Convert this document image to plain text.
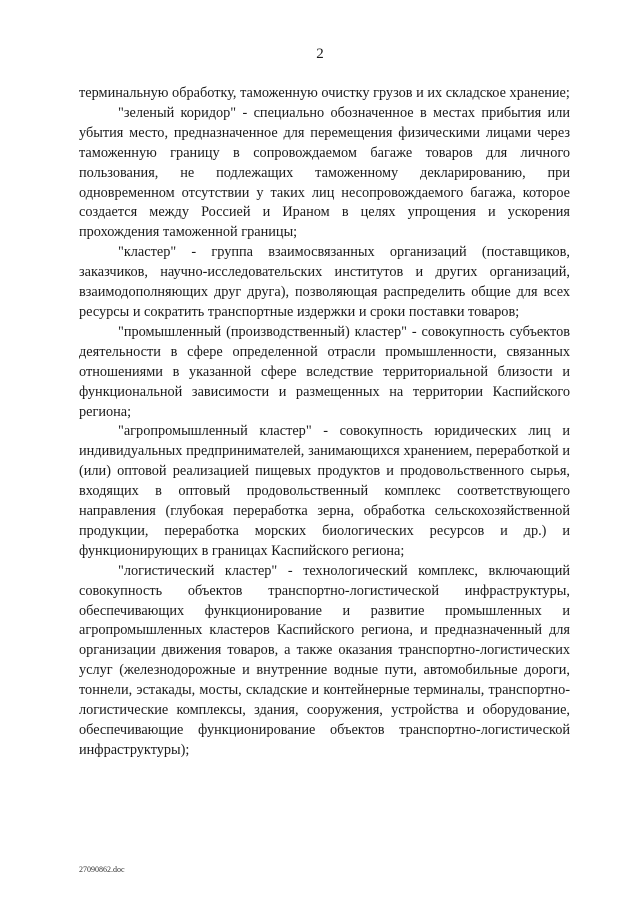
2

терминальную обработку, таможенную очистку грузов и их складское хранение;

"зеленый коридор" - специально обозначенное в местах прибытия или убытия место, предназначенное для перемещения физическими лицами через таможенную границу в сопровождаемом багаже товаров для личного пользования, не подлежащих таможенному декларированию, при одновременном отсутствии у таких лиц несопровождаемого багажа, которое создается между Россией и Ираном в целях упрощения и ускорения прохождения таможенной границы;

"кластер" - группа взаимосвязанных организаций (поставщиков, заказчиков, научно-исследовательских институтов и других организаций, взаимодополняющих друг друга), позволяющая распределить общие для всех ресурсы и сократить транспортные издержки и сроки поставки товаров;

"промышленный (производственный) кластер" - совокупность субъектов деятельности в сфере определенной отрасли промышленности, связанных отношениями в указанной сфере вследствие территориальной близости и функциональной зависимости и размещенных на территории Каспийского региона;

"агропромышленный кластер" - совокупность юридических лиц и индивидуальных предпринимателей, занимающихся хранением, переработкой и (или) оптовой реализацией пищевых продуктов и продовольственного сырья, входящих в оптовый продовольственный комплекс соответствующего направления (глубокая переработка зерна, обработка сельскохозяйственной продукции, переработка морских биологических ресурсов и др.) и функционирующих в границах Каспийского региона;

"логистический кластер" - технологический комплекс, включающий совокупность объектов транспортно-логистической инфраструктуры, обеспечивающих функционирование и развитие промышленных и агропромышленных кластеров Каспийского региона, и предназначенный для организации движения товаров, а также оказания транспортно-логистических услуг (железнодорожные и внутренние водные пути, автомобильные дороги, тоннели, эстакады, мосты, складские и контейнерные терминалы, транспортно-логистические комплексы, здания, сооружения, устройства и оборудование, обеспечивающие функционирование объектов транспортно-логистической инфраструктуры);

27090862.doc
